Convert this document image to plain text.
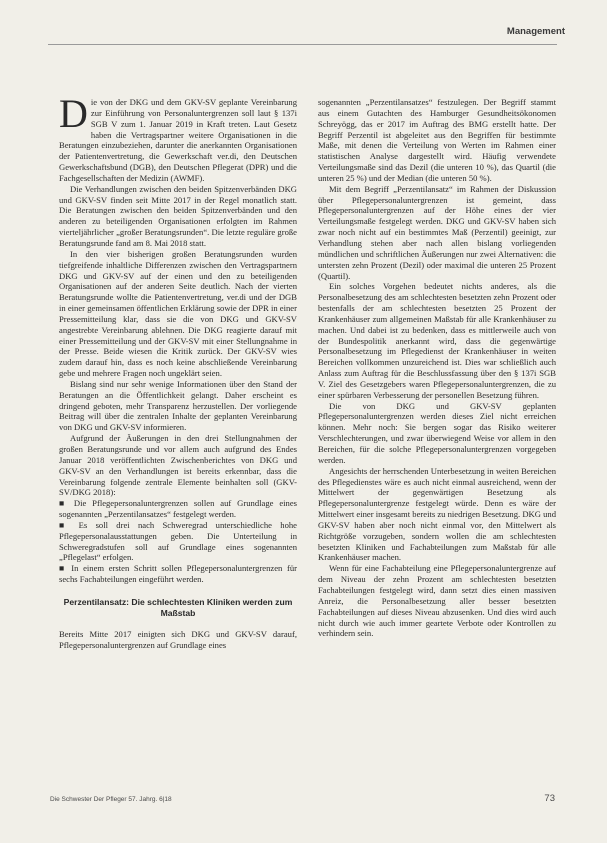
Management

Die von der DKG und dem GKV-SV geplante Vereinbarung zur Einführung von Personaluntergrenzen soll laut § 137i SGB V zum 1. Januar 2019 in Kraft treten. Laut Gesetz haben die Vertragspartner weitere Organisationen in die Beratungen einzubeziehen, darunter die anerkannten Organisationen der Patientenvertretung, die Gewerkschaft ver.di, den Deutschen Gewerkschaftsbund (DGB), den Deutschen Pflegerat (DPR) und die Fachgesellschaften der Medizin (AWMF).

Die Verhandlungen zwischen den beiden Spitzenverbänden DKG und GKV-SV finden seit Mitte 2017 in der Regel monatlich statt. Die Beratungen zwischen den beiden Spitzenverbänden und den anderen zu beteiligenden Organisationen erfolgten im Rahmen vierteljährlicher „großer Beratungsrunden“. Die letzte reguläre große Beratungsrunde fand am 8. Mai 2018 statt.

In den vier bisherigen großen Beratungsrunden wurden tiefgreifende inhaltliche Differenzen zwischen den Vertragspartnern DKG und GKV-SV auf der einen und den zu beteiligenden Organisationen auf der anderen Seite deutlich. Nach der vierten Beratungsrunde wollte die Patientenvertretung, ver.di und der DGB in einer gemeinsamen öffentlichen Erklärung sowie der DPR in einer Pressemitteilung klar, dass sie die von DKG und GKV-SV angestrebte Vereinbarung ablehnen. Die DKG reagierte darauf mit einer Pressemitteilung und der GKV-SV mit einer Stellungnahme in der Presse. Beide wiesen die Kritik zurück. Der GKV-SV wies zudem darauf hin, dass es noch keine abschließende Vereinbarung gebe und mehrere Fragen noch ungeklärt seien.

Bislang sind nur sehr wenige Informationen über den Stand der Beratungen an die Öffentlichkeit gelangt. Daher erscheint es dringend geboten, mehr Transparenz herzustellen. Der vorliegende Beitrag will über die zentralen Inhalte der geplanten Vereinbarung von DKG und GKV-SV informieren.

Aufgrund der Äußerungen in den drei Stellungnahmen der großen Beratungsrunde und vor allem auch aufgrund des Endes Januar 2018 veröffentlichten Zwischenberichtes von DKG und GKV-SV an den Verhandlungen ist bereits erkennbar, dass die Vereinbarung folgende zentrale Elemente beinhalten soll (GKV-SV/DKG 2018):

■ Die Pflegepersonaluntergrenzen sollen auf Grundlage eines sogenannten „Perzentilansatzes“ festgelegt werden.

■ Es soll drei nach Schweregrad unterschiedliche hohe Pflegepersonalausstattungen geben. Die Unterteilung in Schweregradstufen soll auf Grundlage eines sogenannten „Pflegelast“ erfolgen.

■ In einem ersten Schritt sollen Pflegepersonaluntergrenzen für sechs Fachabteilungen eingeführt werden.

Perzentilansatz: Die schlechtesten Kliniken werden zum Maßstab

Bereits Mitte 2017 einigten sich DKG und GKV-SV darauf, Pflegepersonaluntergrenzen auf Grundlage eines

sogenannten „Perzentilansatzes“ festzulegen. Der Begriff stammt aus einem Gutachten des Hamburger Gesundheitsökonomen Schreyögg, das er 2017 im Auftrag des BMG erstellt hatte. Der Begriff Perzentil ist abgeleitet aus den Begriffen für bestimmte Maße, mit denen die Verteilung von Werten im Rahmen einer statistischen Analyse dargestellt wird. Häufig verwendete Verteilungsmaße sind das Dezil (die unteren 10 %), das Quartil (die unteren 25 %) und der Median (die unteren 50 %).

Mit dem Begriff „Perzentilansatz“ im Rahmen der Diskussion über Pflegepersonaluntergrenzen ist gemeint, dass Pflegepersonaluntergrenzen auf der Höhe eines der vier Verteilungsmaße festgelegt werden. DKG und GKV-SV haben sich zwar noch nicht auf ein bestimmtes Maß (Perzentil) geeinigt, zur Verhandlung stehen aber nach allen bislang vorliegenden mündlichen und schriftlichen Äußerungen nur zwei Alternativen: die untersten zehn Prozent (Dezil) oder maximal die unteren 25 Prozent (Quartil).

Ein solches Vorgehen bedeutet nichts anderes, als die Personalbesetzung des am schlechtesten besetzten zehn Prozent oder bestenfalls der am schlechtesten besetzten 25 Prozent der Krankenhäuser zum allgemeinen Maßstab für alle Krankenhäuser zu machen. Und dabei ist zu bedenken, dass es mittlerweile auch von der Bundespolitik anerkannt wird, dass die gegenwärtige Personalbesetzung im Pflegedienst der Krankenhäuser in weiten Bereichen vollkommen unzureichend ist. Dies war schließlich auch Anlass zum Auftrag für die Beschlussfassung über den § 137i SGB V. Ziel des Gesetzgebers waren Pflegepersonaluntergrenzen, die zu einer spürbaren Verbesserung der personellen Besetzung führen.

Die von DKG und GKV-SV geplanten Pflegepersonaluntergrenzen werden dieses Ziel nicht erreichen können. Mehr noch: Sie bergen sogar das Risiko weiterer Verschlechterungen, und zwar überwiegend Weise vor allem in den Bereichen, für die solche Pflegepersonaluntergrenzen vorgegeben werden.

Angesichts der herrschenden Unterbesetzung in weiten Bereichen des Pflegedienstes wäre es auch nicht einmal ausreichend, wenn der Mittelwert der gegenwärtigen Besetzung als Pflegepersonaluntergrenze festgelegt würde. Denn es wäre der Mittelwert einer insgesamt bereits zu niedrigen Besetzung. DKG und GKV-SV haben aber noch nicht einmal vor, den Mittelwert als Richtgröße vorzugeben, sondern wollen die am schlechtesten besetzten Kliniken und Fachabteilungen zum Maßstab für alle Krankenhäuser machen.

Wenn für eine Fachabteilung eine Pflegepersonaluntergrenze auf dem Niveau der zehn Prozent am schlechtesten besetzten Fachabteilungen festgelegt wird, dann setzt dies einen massiven Anreiz, die Personalbesetzung aller besser besetzten Fachabteilungen auf dieses Niveau abzusenken. Und dies wird auch nicht durch wie auch immer geartete Verbote oder Kontrollen zu verhindern sein.

Die Schwester Der Pfleger 57. Jahrg. 6|18	73
